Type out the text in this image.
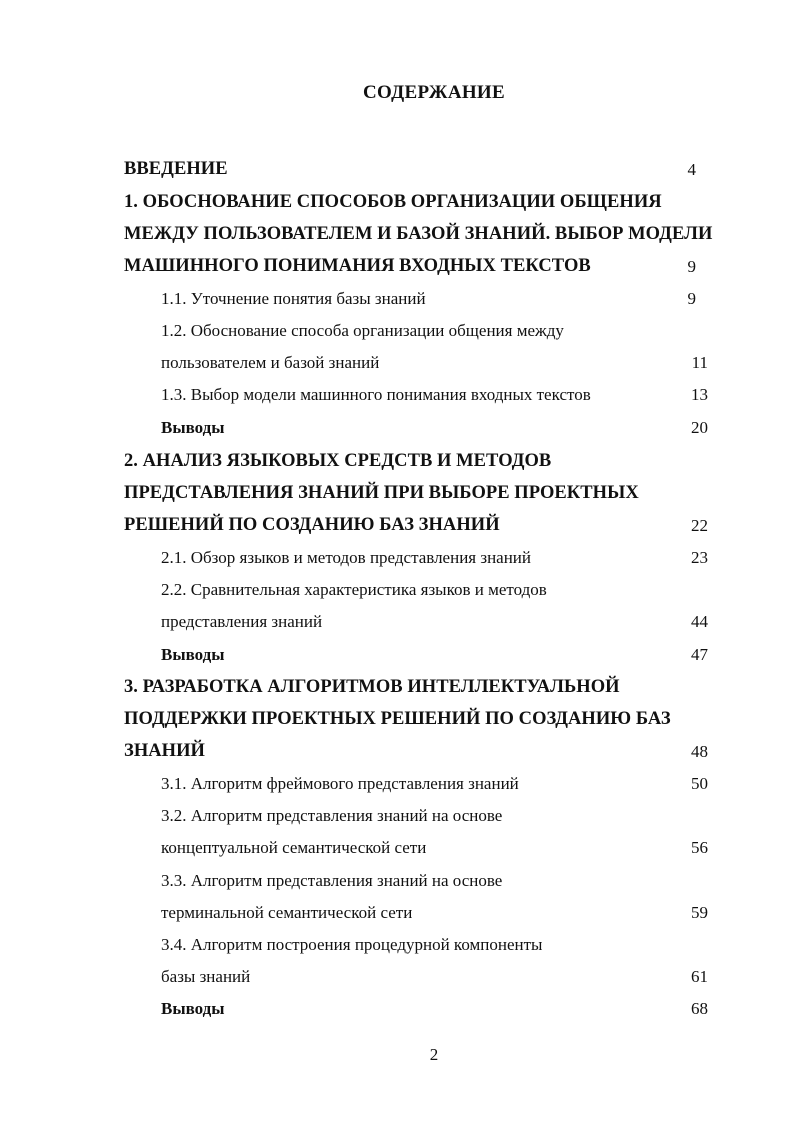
СОДЕРЖАНИЕ
ВВЕДЕНИЕ	4
1. ОБОСНОВАНИЕ СПОСОБОВ ОРГАНИЗАЦИИ ОБЩЕНИЯ
МЕЖДУ ПОЛЬЗОВАТЕЛЕМ И БАЗОЙ ЗНАНИЙ. ВЫБОР МОДЕЛИ
МАШИННОГО ПОНИМАНИЯ ВХОДНЫХ ТЕКСТОВ	9
1.1. Уточнение понятия базы знаний	9
1.2. Обоснование способа организации общения между
пользователем и базой знаний	11
1.3. Выбор модели машинного понимания входных текстов	13
Выводы	20
2. АНАЛИЗ ЯЗЫКОВЫХ СРЕДСТВ И МЕТОДОВ
ПРЕДСТАВЛЕНИЯ ЗНАНИЙ ПРИ ВЫБОРЕ ПРОЕКТНЫХ
РЕШЕНИЙ ПО СОЗДАНИЮ БАЗ ЗНАНИЙ	22
2.1. Обзор языков и методов представления знаний	23
2.2. Сравнительная характеристика языков и методов
представления знаний	44
Выводы	47
3. РАЗРАБОТКА АЛГОРИТМОВ ИНТЕЛЛЕКТУАЛЬНОЙ
ПОДДЕРЖКИ ПРОЕКТНЫХ РЕШЕНИЙ ПО СОЗДАНИЮ БАЗ
ЗНАНИЙ	48
3.1. Алгоритм фреймового представления знаний	50
3.2. Алгоритм представления знаний на основе
концептуальной семантической сети	56
3.3. Алгоритм представления знаний на основе
терминальной семантической сети	59
3.4. Алгоритм построения процедурной компоненты
базы знаний	61
Выводы	68
2
